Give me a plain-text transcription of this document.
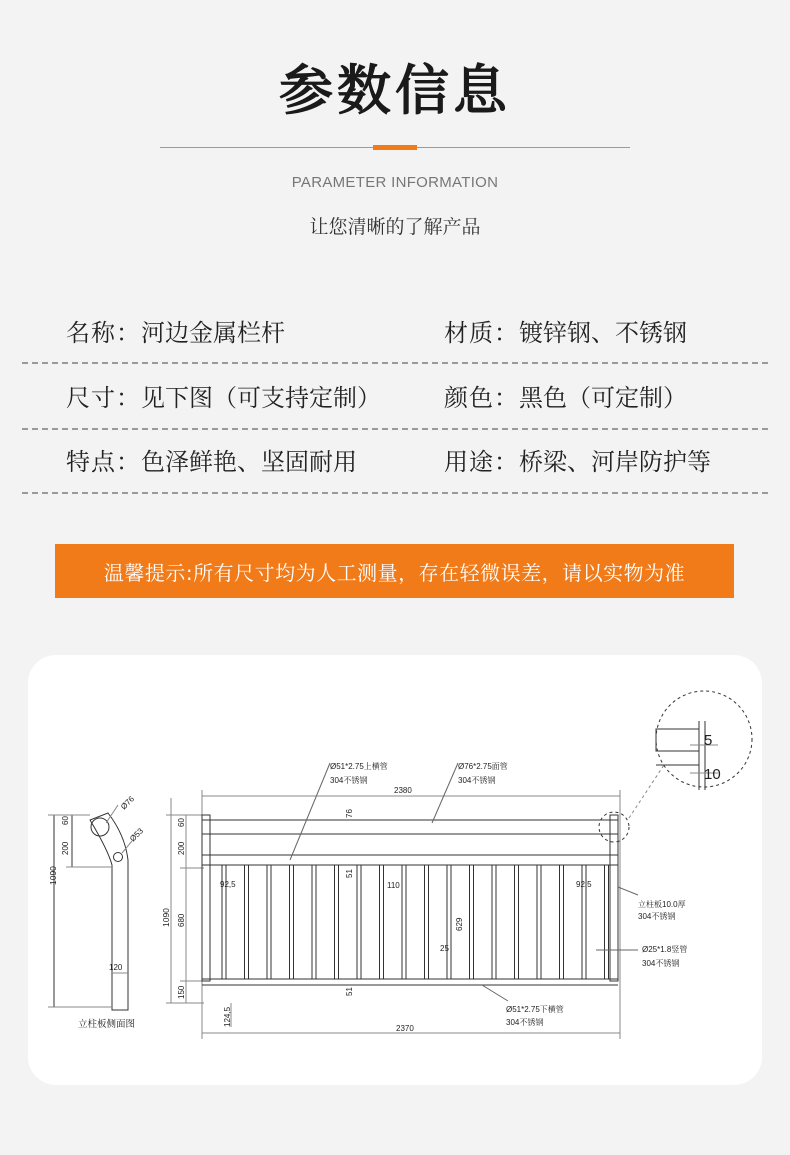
参数信息
PARAMETER INFORMATION
让您清晰的了解产品
名称：河边金属栏杆	材质：镀锌钢、不锈钢
尺寸：见下图（可支持定制）	颜色：黑色（可定制）
特点：色泽鲜艳、坚固耐用	用途：桥梁、河岸防护等
温馨提示:所有尺寸均为人工测量，存在轻微误差，请以实物为准
1090
200
60
Ø76
Ø53
120
立柱板侧面图
1090
200
60
680
150
124,5
2380
2370
76
51
51
110
629
25
92,5	92,5
Ø51*2.75上横管
304不锈钢
Ø76*2.75面管
304不锈钢
立柱板10.0厚
304不锈钢
Ø25*1.8竖管
304不锈钢
Ø51*2.75下横管
304不锈钢
5
10
